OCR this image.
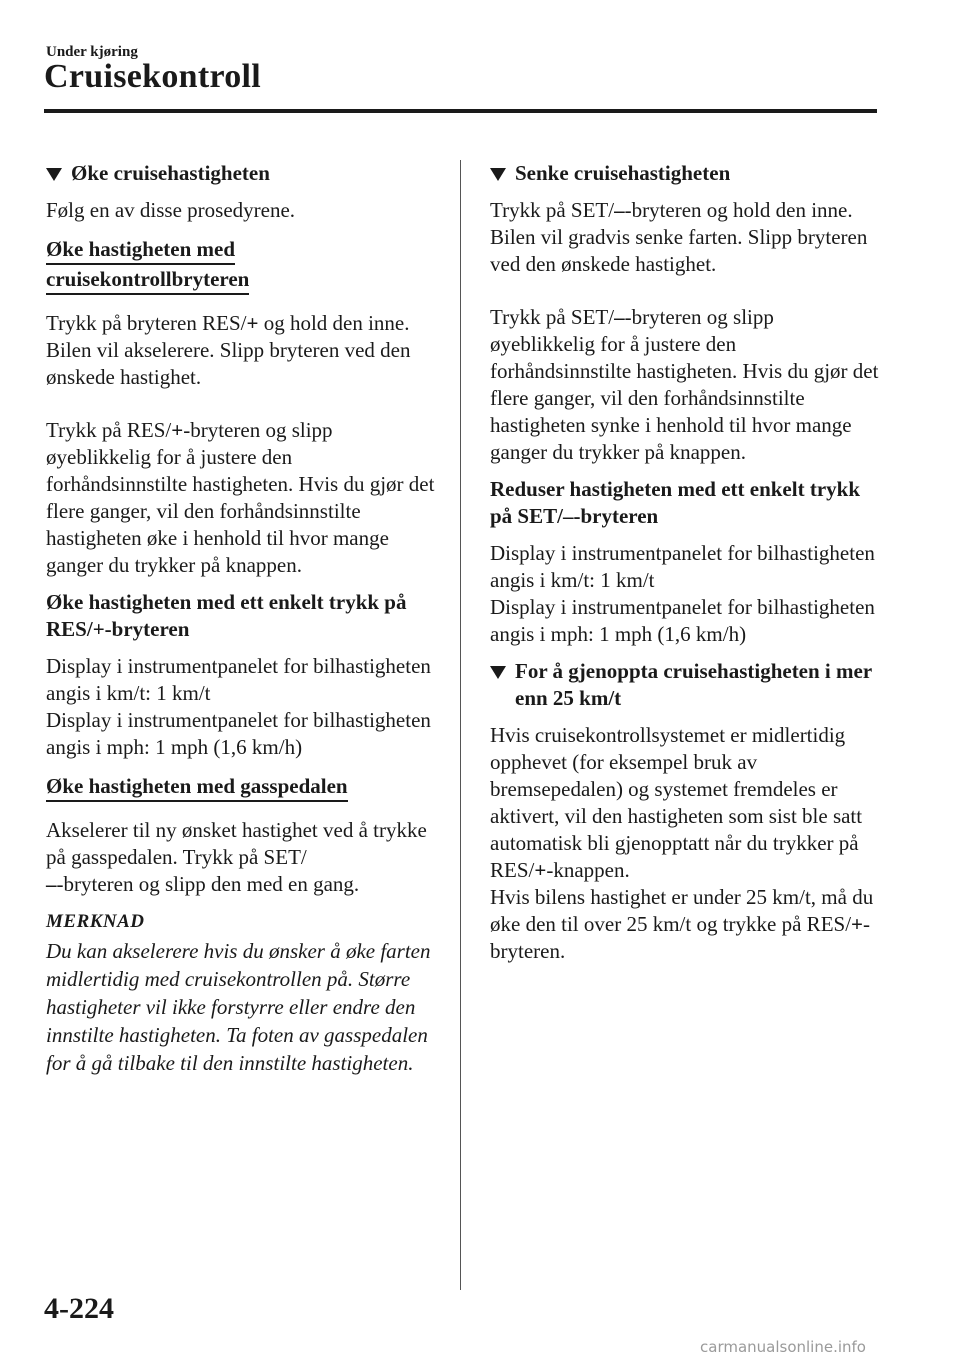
Under kjøring
Cruisekontroll
Øke cruisehastigheten

Følg en av disse prosedyrene.

Øke hastigheten med
cruisekontrollbryteren

Trykk på bryteren RES/ + og hold den inne. Bilen vil akselerere. Slipp bryteren ved den ønskede hastighet.

Trykk på RES/ + -bryteren og slipp øyeblikkelig for å justere den forhåndsinnstilte hastigheten. Hvis du gjør det flere ganger, vil den forhåndsinnstilte hastigheten øke i henhold til hvor mange ganger du trykker på knappen.

Øke hastigheten med ett enkelt trykk på RES/ + -bryteren

Display i instrumentpanelet for bilhastigheten angis i km/t: 1 km/t

Display i instrumentpanelet for bilhastigheten angis i mph: 1 mph (1,6 km/h)

Øke hastigheten med gasspedalen

Akselerer til ny ønsket hastighet ved å trykke på gasspedalen. Trykk på SET/
– -bryteren og slipp den med en gang.

MERKNAD
Du kan akselerere hvis du ønsker å øke farten midlertidig med cruisekontrollen på. Større hastigheter vil ikke forstyrre eller endre den innstilte hastigheten. Ta foten av gasspedalen for å gå tilbake til den innstilte hastigheten.
Senke cruisehastigheten

Trykk på SET/ – -bryteren og hold den inne. Bilen vil gradvis senke farten. Slipp bryteren ved den ønskede hastighet.

Trykk på SET/ – -bryteren og slipp øyeblikkelig for å justere den forhåndsinnstilte hastigheten. Hvis du gjør det flere ganger, vil den forhåndsinnstilte hastigheten synke i henhold til hvor mange ganger du trykker på knappen.

Reduser hastigheten med ett enkelt trykk på SET/ – -bryteren

Display i instrumentpanelet for bilhastigheten angis i km/t: 1 km/t

Display i instrumentpanelet for bilhastigheten angis i mph: 1 mph (1,6 km/h)

For å gjenoppta cruisehastigheten i mer enn 25 km/t

Hvis cruisekontrollsystemet er midlertidig opphevet (for eksempel bruk av bremsepedalen) og systemet fremdeles er aktivert, vil den hastigheten som sist ble satt automatisk bli gjenopptatt når du trykker på RES/ + -knappen.

Hvis bilens hastighet er under 25 km/t, må du øke den til over 25 km/t og trykke på RES/ + -bryteren.

4-224
carmanualsonline.info
